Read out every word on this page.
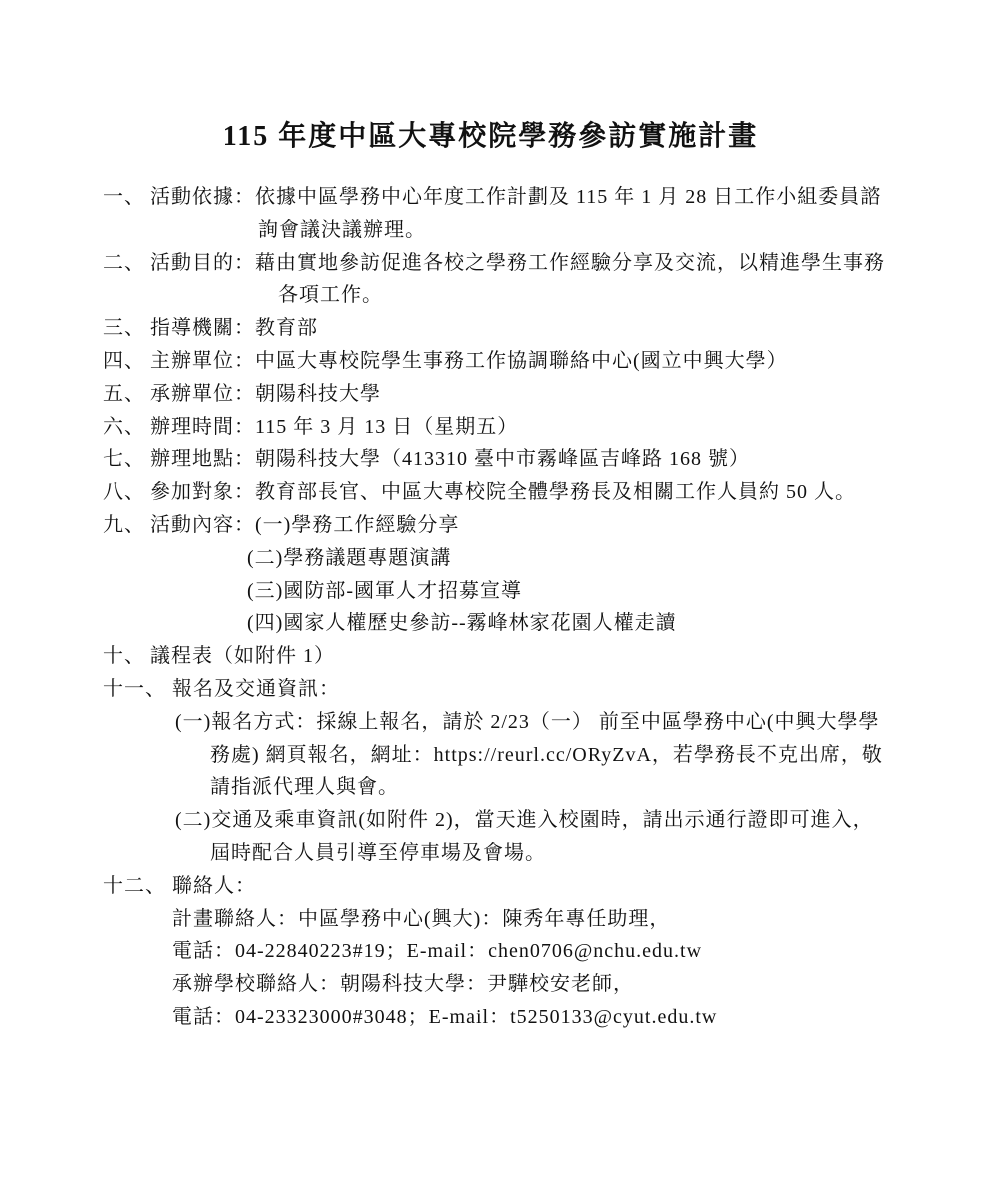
115 年度中區大專校院學務參訪實施計畫
一、 活動依據：依據中區學務中心年度工作計劃及 115 年 1 月 28 日工作小組委員諮
詢會議決議辦理。
二、 活動目的：藉由實地參訪促進各校之學務工作經驗分享及交流，以精進學生事務
各項工作。
三、 指導機關：教育部
四、 主辦單位：中區大專校院學生事務工作協調聯絡中心(國立中興大學）
五、 承辦單位：朝陽科技大學
六、 辦理時間：115 年 3 月 13 日（星期五）
七、 辦理地點：朝陽科技大學（413310 臺中市霧峰區吉峰路 168 號）
八、 參加對象：教育部長官、中區大專校院全體學務長及相關工作人員約 50 人。
九、 活動內容：(一)學務工作經驗分享
(二)學務議題專題演講
(三)國防部-國軍人才招募宣導
(四)國家人權歷史參訪--霧峰林家花園人權走讀
十、 議程表（如附件 1）
十一、 報名及交通資訊：
(一)報名方式：採線上報名，請於 2/23（一） 前至中區學務中心(中興大學學
務處) 網頁報名，網址：https://reurl.cc/ORyZvA，若學務長不克出席，敬
請指派代理人與會。
(二)交通及乘車資訊(如附件 2)，當天進入校園時，請出示通行證即可進入，
屆時配合人員引導至停車場及會場。
十二、 聯絡人：
計畫聯絡人：中區學務中心(興大)：陳秀年專任助理，
電話：04-22840223#19；E-mail：chen0706@nchu.edu.tw
承辦學校聯絡人：朝陽科技大學：尹驊校安老師，
電話：04-23323000#3048；E-mail：t5250133@cyut.edu.tw
